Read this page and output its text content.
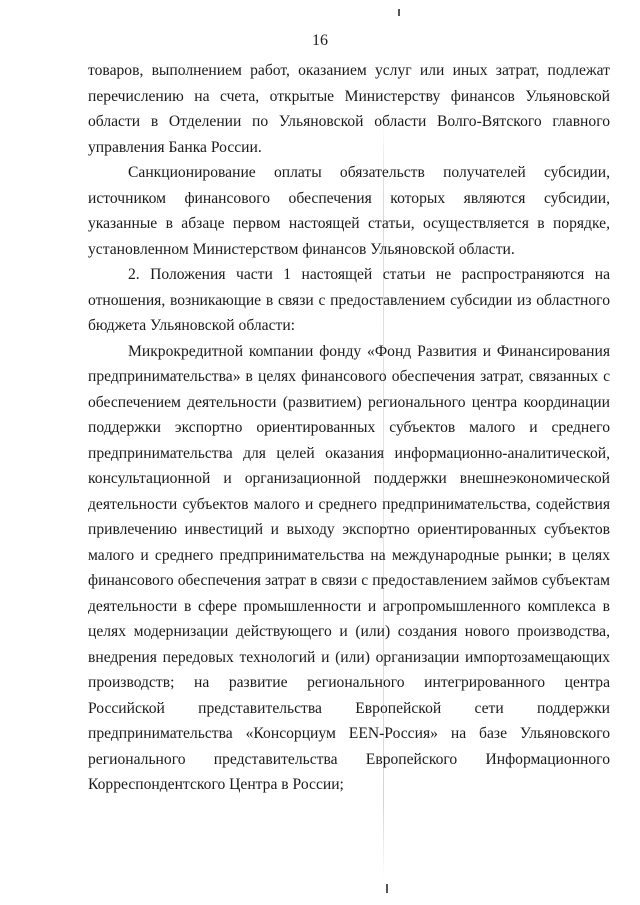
16

товаров, выполнением работ, оказанием услуг или иных затрат, подлежат перечислению на счета, открытые Министерству финансов Ульяновской области в Отделении по Ульяновской области Волго-Вятского главного управления Банка России.

Санкционирование оплаты обязательств получателей субсидии, источником финансового обеспечения которых являются субсидии, указанные в абзаце первом настоящей статьи, осуществляется в порядке, установленном Министерством финансов Ульяновской области.

2. Положения части 1 настоящей статьи не распространяются на отношения, возникающие в связи с предоставлением субсидии из областного бюджета Ульяновской области:

Микрокредитной компании фонду «Фонд Развития и Финансирования предпринимательства» в целях финансового обеспечения затрат, связанных с обеспечением деятельности (развитием) регионального центра координации поддержки экспортно ориентированных субъектов малого и среднего предпринимательства для целей оказания информационно-аналитической, консультационной и организационной поддержки внешнеэкономической деятельности субъектов малого и среднего предпринимательства, содействия привлечению инвестиций и выходу экспортно ориентированных субъектов малого и среднего предпринимательства на международные рынки; в целях финансового обеспечения затрат в связи с предоставлением займов субъектам деятельности в сфере промышленности и агропромышленного комплекса в целях модернизации действующего и (или) создания нового производства, внедрения передовых технологий и (или) организации импортозамещающих производств; на развитие регионального интегрированного центра Российской представительства Европейской сети поддержки предпринимательства «Консорциум EEN-Россия» на базе Ульяновского регионального представительства Европейского Информационного Корреспондентского Центра в России;
